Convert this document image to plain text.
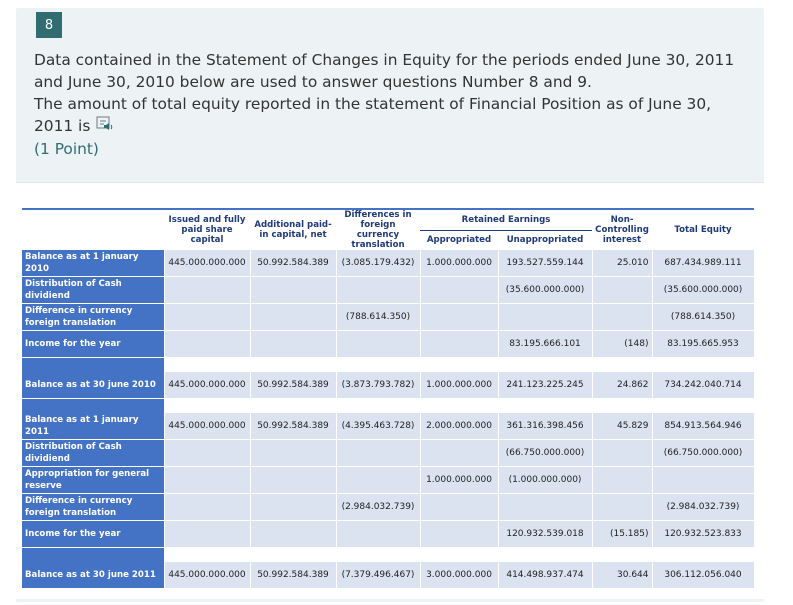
8

Data contained in the Statement of Changes in Equity for the periods ended June 30, 2011 and June 30, 2010 below are used to answer questions Number 8 and 9.

The amount of total equity reported in the statement of Financial Position as of June 30, 2011 is

(1 Point)

	Issued and fully paid share capital	Additional paid-in capital, net	Differences in foreign currency translation	Retained Earnings		Non-Controlling interest	Total Equity
				Appropriated	Unappropriated		
Balance as at 1 january 2010	445.000.000.000	50.992.584.389	(3.085.179.432)	1.000.000.000	193.527.559.144	25.010	687.434.989.111
Distribution of Cash dividiend					(35.600.000.000)		(35.600.000.000)
Difference in currency foreign translation			(788.614.350)				(788.614.350)
Income for the year					83.195.666.101	(148)	83.195.665.953

Balance as at 30 june 2010	445.000.000.000	50.992.584.389	(3.873.793.782)	1.000.000.000	241.123.225.245	24.862	734.242.040.714

Balance as at 1 january 2011	445.000.000.000	50.992.584.389	(4.395.463.728)	2.000.000.000	361.316.398.456	45.829	854.913.564.946
Distribution of Cash dividiend					(66.750.000.000)		(66.750.000.000)
Appropriation for general reserve				1.000.000.000	(1.000.000.000)		
Difference in currency foreign translation			(2.984.032.739)				(2.984.032.739)
Income for the year					120.932.539.018	(15.185)	120.932.523.833

Balance as at 30 june 2011	445.000.000.000	50.992.584.389	(7.379.496.467)	3.000.000.000	414.498.937.474	30.644	306.112.056.040
